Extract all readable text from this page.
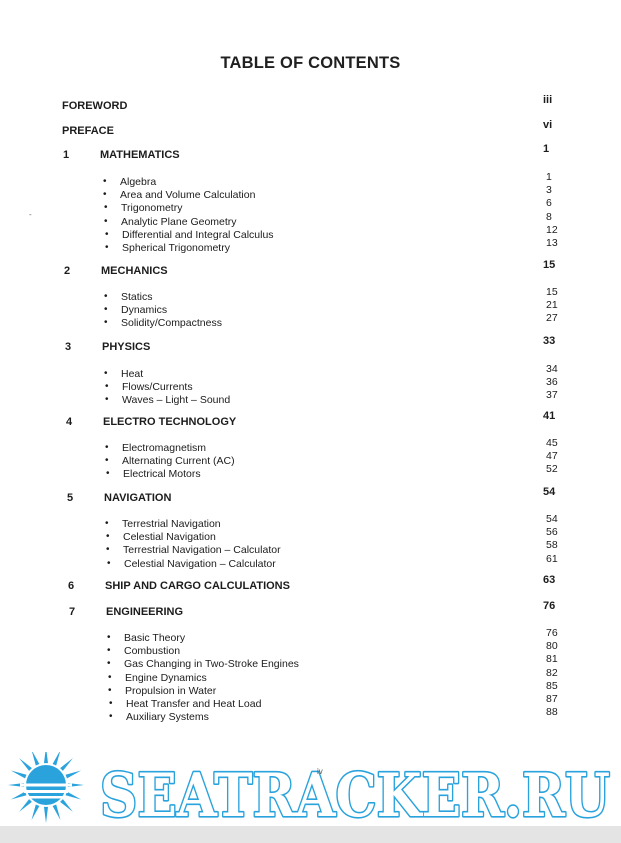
TABLE OF CONTENTS
-
FOREWORD	iii
PREFACE	vi
1	MATHEMATICS	1
• Algebra	1
• Area and Volume Calculation	3
• Trigonometry	6
• Analytic Plane Geometry	8
• Differential and Integral Calculus	12
• Spherical Trigonometry	13
2	MECHANICS	15
• Statics	15
• Dynamics	21
• Solidity/Compactness	27
3	PHYSICS	33
• Heat	34
• Flows/Currents	36
• Waves – Light – Sound	37
4	ELECTRO TECHNOLOGY	41
• Electromagnetism	45
• Alternating Current (AC)	47
• Electrical Motors	52
5	NAVIGATION	54
• Terrestrial Navigation	54
• Celestial Navigation	56
• Terrestrial Navigation – Calculator	58
• Celestial Navigation – Calculator	61
6	SHIP AND CARGO CALCULATIONS	63
7	ENGINEERING	76
• Basic Theory	76
• Combustion	80
• Gas Changing in Two-Stroke Engines	81
• Engine Dynamics	82
• Propulsion in Water	85
• Heat Transfer and Heat Load	87
• Auxiliary Systems	88
SEATRACKER.RU
iv
